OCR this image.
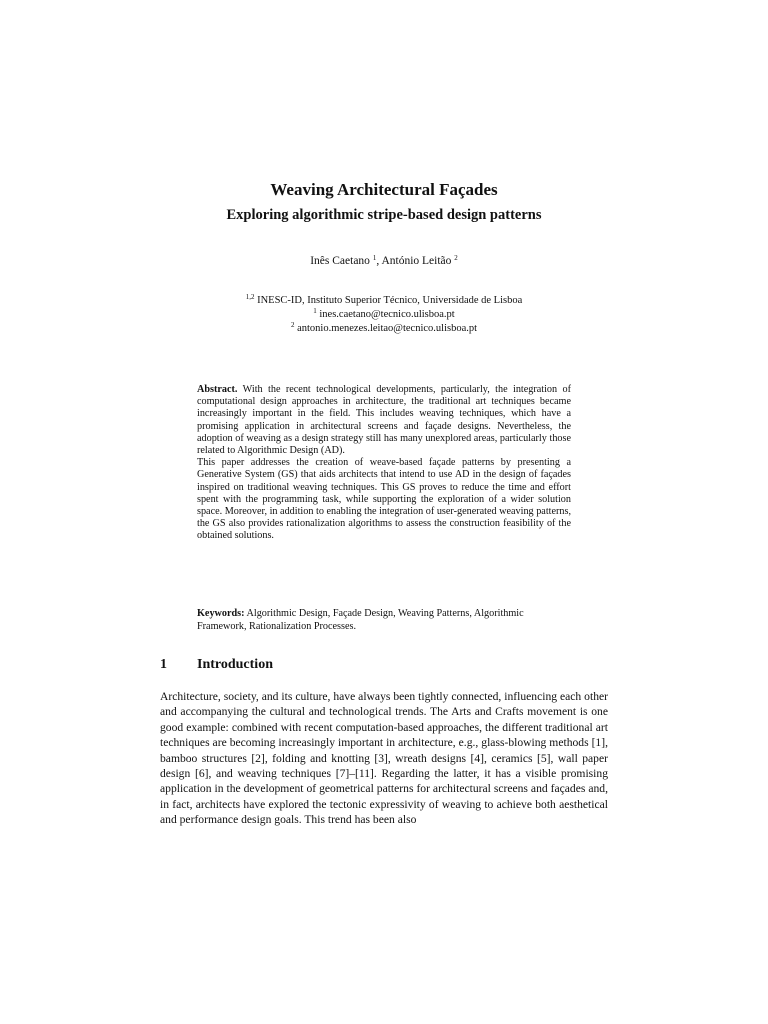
Weaving Architectural Façades
Exploring algorithmic stripe-based design patterns
Inês Caetano $^1$, António Leitão $^2$
$^{1,2}$ INESC-ID, Instituto Superior Técnico, Universidade de Lisboa
$^1$ ines.caetano@tecnico.ulisboa.pt
$^2$ antonio.menezes.leitao@tecnico.ulisboa.pt

Abstract. With the recent technological developments, particularly, the integration of computational design approaches in architecture, the traditional art techniques became increasingly important in the field. This includes weaving techniques, which have a promising application in architectural screens and façade designs. Nevertheless, the adoption of weaving as a design strategy still has many unexplored areas, particularly those related to Algorithmic Design (AD).

This paper addresses the creation of weave-based façade patterns by presenting a Generative System (GS) that aids architects that intend to use AD in the design of façades inspired on traditional weaving techniques. This GS proves to reduce the time and effort spent with the programming task, while supporting the exploration of a wider solution space. Moreover, in addition to enabling the integration of user-generated weaving patterns, the GS also provides rationalization algorithms to assess the construction feasibility of the obtained solutions.

Keywords: Algorithmic Design, Façade Design, Weaving Patterns, Algorithmic Framework, Rationalization Processes.
1 Introduction

Architecture, society, and its culture, have always been tightly connected, influencing each other and accompanying the cultural and technological trends. The Arts and Crafts movement is one good example: combined with recent computation-based approaches, the different traditional art techniques are becoming increasingly important in architecture, e.g., glass-blowing methods [1], bamboo structures [2], folding and knotting [3], wreath designs [4], ceramics [5], wall paper design [6], and weaving techniques [7]–[11]. Regarding the latter, it has a visible promising application in the development of geometrical patterns for architectural screens and façades and, in fact, architects have explored the tectonic expressivity of weaving to achieve both aesthetical and performance design goals. This trend has been also
